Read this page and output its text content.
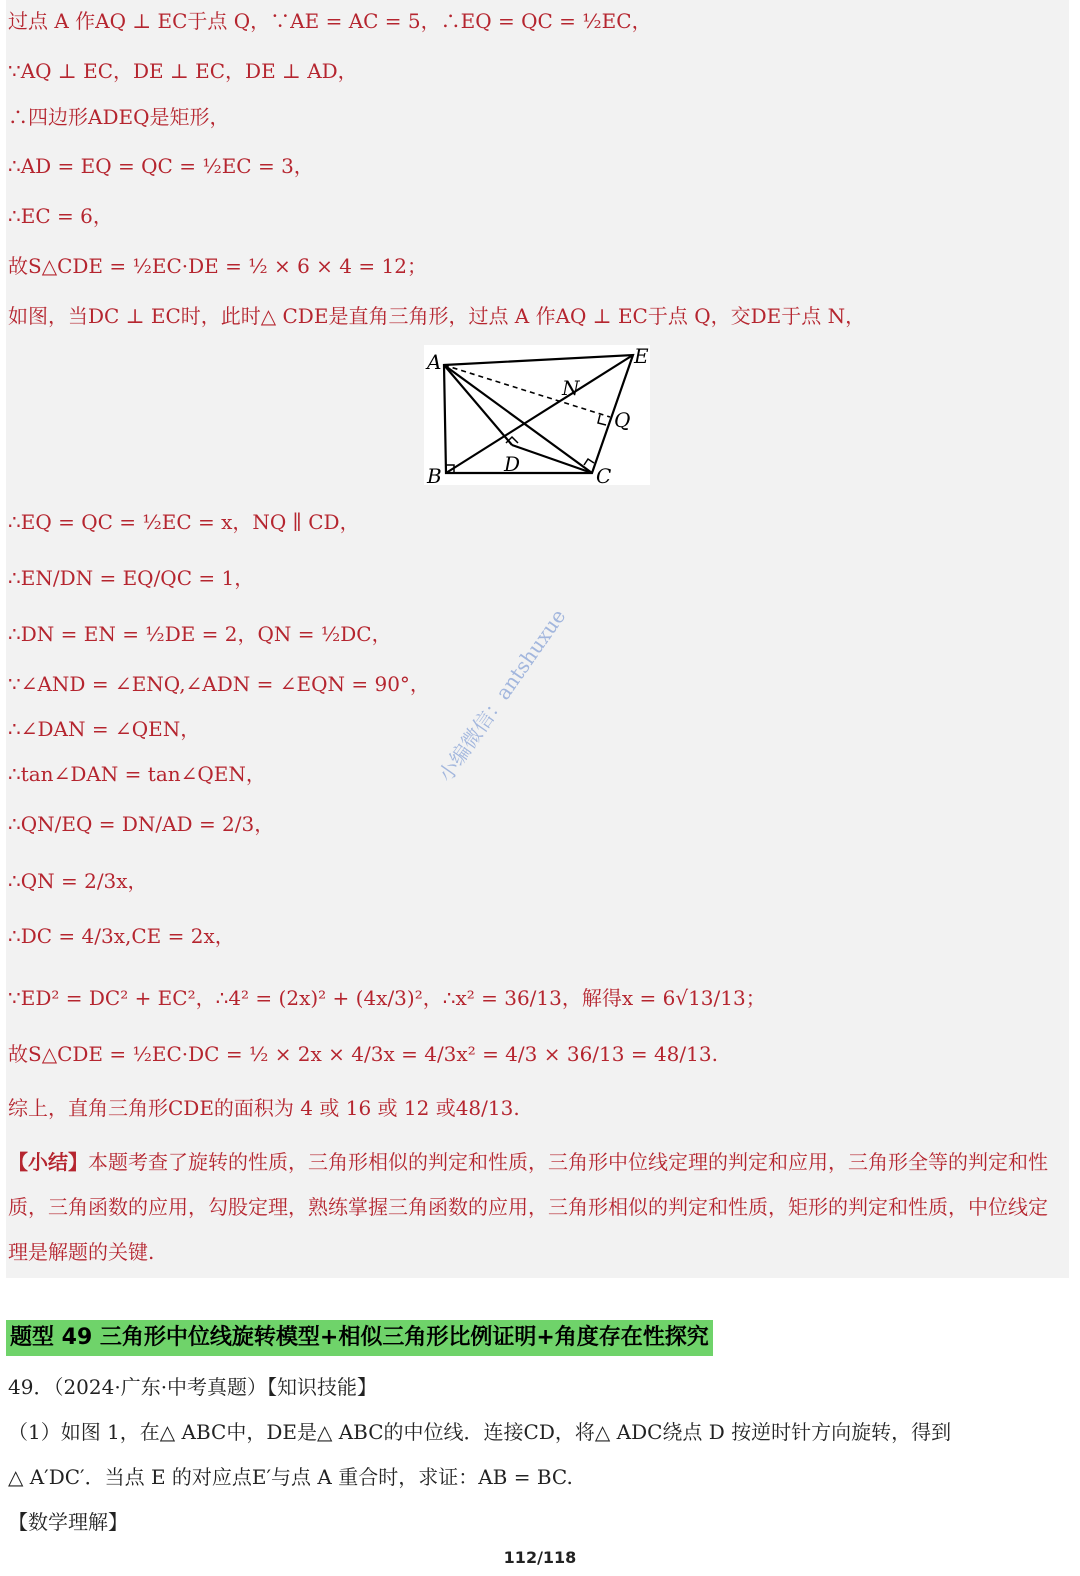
过点 A 作AQ ⊥ EC于点 Q，∵AE = AC = 5，∴EQ = QC = ½EC，
∵AQ ⊥ EC，DE ⊥ EC，DE ⊥ AD，
∴四边形ADEQ是矩形，
∴AD = EQ = QC = ½EC = 3，
∴EC = 6，
故S△CDE = ½EC·DE = ½ × 6 × 4 = 12；
如图，当DC ⊥ EC时，此时△ CDE是直角三角形，过点 A 作AQ ⊥ EC于点 Q，交DE于点 N，
A	E
N
Q
B	D	C
∴EQ = QC = ½EC = x，NQ ∥ CD，
∴EN/DN = EQ/QC = 1，
∴DN = EN = ½DE = 2，QN = ½DC，
∵∠AND = ∠ENQ,∠ADN = ∠EQN = 90°，
∴∠DAN = ∠QEN，
∴tan∠DAN = tan∠QEN，
∴QN/EQ = DN/AD = 2/3，
∴QN = 2/3x，
∴DC = 4/3x,CE = 2x，
∵ED² = DC² + EC²，∴4² = (2x)² + (4x/3)²，∴x² = 36/13，解得x = 6√13/13；
故S△CDE = ½EC·DC = ½ × 2x × 4/3x = 4/3x² = 4/3 × 36/13 = 48/13.
综上，直角三角形CDE的面积为 4 或 16 或 12 或48/13.
【小结】本题考查了旋转的性质，三角形相似的判定和性质，三角形中位线定理的判定和应用，三角形全等的判定和性质，三角函数的应用，勾股定理，熟练掌握三角函数的应用，三角形相似的判定和性质，矩形的判定和性质，中位线定理是解题的关键.
小编微信：antshuxue
题型 49 三角形中位线旋转模型+相似三角形比例证明+角度存在性探究
49．（2024·广东·中考真题）【知识技能】
（1）如图 1，在△ ABC中，DE是△ ABC的中位线．连接CD，将△ ADC绕点 D 按逆时针方向旋转，得到
△ A′DC′．当点 E 的对应点E′与点 A 重合时，求证：AB = BC.
【数学理解】
112/118
